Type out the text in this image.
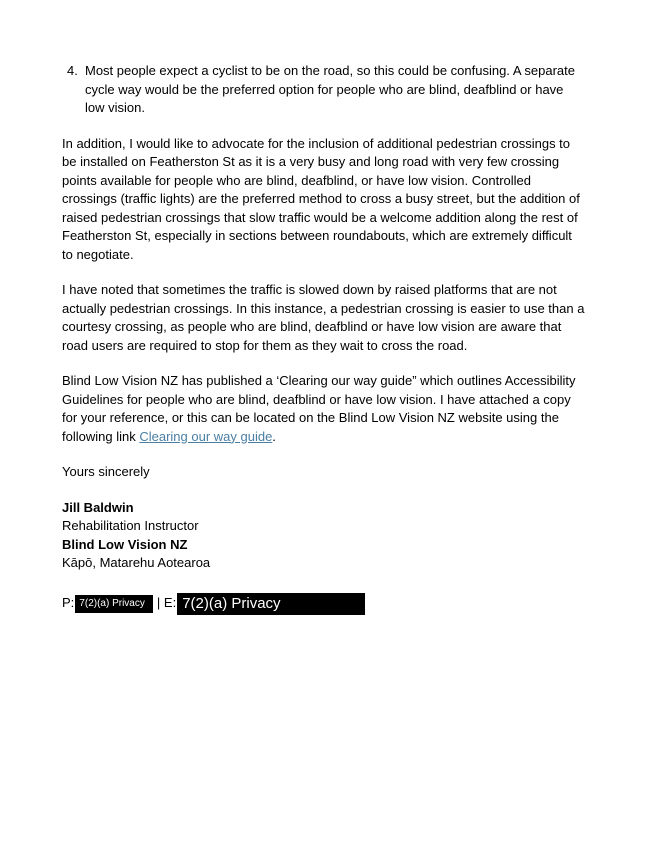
4. Most people expect a cyclist to be on the road, so this could be confusing. A separate cycle way would be the preferred option for people who are blind, deafblind or have low vision.

In addition, I would like to advocate for the inclusion of additional pedestrian crossings to be installed on Featherston St as it is a very busy and long road with very few crossing points available for people who are blind, deafblind, or have low vision. Controlled crossings (traffic lights) are the preferred method to cross a busy street, but the addition of raised pedestrian crossings that slow traffic would be a welcome addition along the rest of Featherston St, especially in sections between roundabouts, which are extremely difficult to negotiate.

I have noted that sometimes the traffic is slowed down by raised platforms that are not actually pedestrian crossings. In this instance, a pedestrian crossing is easier to use than a courtesy crossing, as people who are blind, deafblind or have low vision are aware that road users are required to stop for them as they wait to cross the road.

Blind Low Vision NZ has published a ‘Clearing our way guide” which outlines Accessibility Guidelines for people who are blind, deafblind or have low vision. I have attached a copy for your reference, or this can be located on the Blind Low Vision NZ website using the following link Clearing our way guide.

Yours sincerely

Jill Baldwin
Rehabilitation Instructor
Blind Low Vision NZ
Kāpō, Matarehu Aotearoa
P: 7(2)(a) Privacy | E: 7(2)(a) Privacy
